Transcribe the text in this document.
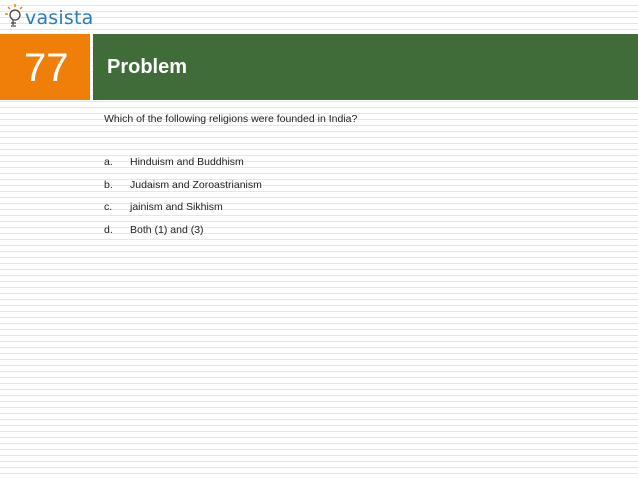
vasista
77 Problem
Which of the following religions were founded in India?
a. Hinduism and Buddhism
b. Judaism and Zoroastrianism
c. jainism and Sikhism
d. Both (1) and (3)
